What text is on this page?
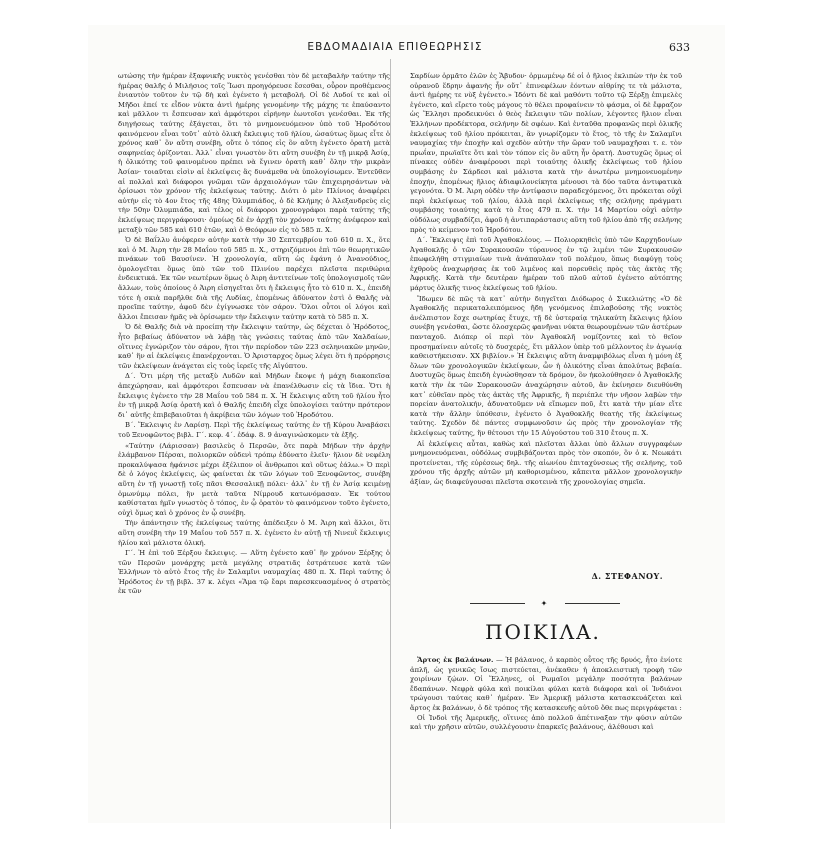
ΕΒΔΟΜΑΔΙΑΙΑ ΕΠΙΘΕΩΡΗΣΙΣ	633

ωτώσης τὴν ἡμέραν ἐξαφνικῆς νυκτὸς γενέσθαι τὸν δὲ μεταβαλὴν ταύτην τῆς ἡμέρας θαλῆς ὁ Μιλήσιος τοῖς Ἴωσι προηγόρευσε ἔσεσθαι, οὖρον προθέμενος ἐνιαυτὸν τοῦτον ἐν τῷ δὴ καὶ ἐγένετο ἡ μεταβολή. Οἱ δὲ Λυδοί τε καὶ οἱ Μῆδοι ἐπεί τε εἶδον νύκτα ἀντὶ ἡμέρης γενομένην τῆς μάχης τε ἐπαύσαντο καὶ μᾶλλον τι ἔσπευσαν καὶ ἀμφότεροι εἰρήνην ἑωυτοῖσι γενέσθαι. Ἐκ τῆς διηγήσεως ταύτης ἐξάγεται, ὅτι τὸ μνημονευόμενον ὑπὸ τοῦ Ἡροδότου φαινόμενον εἶναι τοῦτ᾿ αὐτὸ ὁλικὴ ἔκλειψις τοῦ ἡλίου, ὡσαύτως ὅμως εἶτε ὁ χρόνος καθ᾿ ὃν αὕτη συνέβη, οὔτε ὁ τόπος εἰς ὃν αὕτη ἐγένετο ὁρατὴ μετὰ σαφηνείας ὁρίζονται. Ἀλλ᾿ εἶναι γνωστὸν ὅτι αὕτη συνέβη ἐν τῇ μικρᾷ Ἀσίᾳ, ἡ ὁλικότης τοῦ φαινομένου πρέπει νὰ ἔγινεν ὁρατὴ καθ᾿ ὅλην τὴν μικρὰν Ἀσίαν· τοιαῦται εἰσὶν αἱ ἐκλείψεις ἂς δυνάμεθα νὰ ὑπολογίσωμεν. Ἐντεῦθεν αἱ πολλαὶ καὶ διάφοροι γνῶμαι τῶν ἀρχαιολόγων τῶν ἐπιχειρησάντων νὰ ὁρίσωσι τὸν χρόνον τῆς ἐκλείψεως ταύτης. Διότι ὁ μὲν Πλίνιος ἀναφέρει αὐτὴν εἰς τὸ 4ον ἔτος τῆς 48ης Ὀλυμπιάδος, ὁ δὲ Κλήμης ὁ Ἀλεξανδρεὺς εἰς τὴν 50ην Ὀλυμπιάδα, καὶ τέλος οἱ διάφοροι χρονογράφοι παρὰ ταύτης τῆς ἐκλείψεως περιγράφουσι· ὁμοίως δὲ ἐν ἀρχῇ τὸν χρόνον ταύτης ἀνέφερον καὶ μεταξὺ τῶν 585 καὶ 610 ἐτῶν, καὶ ὁ Θεόφρων εἰς τὸ 585 π. Χ.

Ὁ δὲ Βαΐλλυ ἀνέφερεν αὐτὴν κατὰ τὴν 30 Σεπτεμβρίου τοῦ 610 π. Χ., ὅτε καὶ ὁ Μ. Ἀιρη τὴν 28 Μαΐου τοῦ 585 π. Χ., στηριζόμενοι ἐπὶ τῶν θεωρητικῶν πινάκων τοῦ Βαυσίνεν. Ἡ χρονολογία, αὕτη ὡς ἐφάνη ὁ Ἀνανούδιος, ὁμολογεῖται ὅμως ὑπὸ τῶν τοῦ Πλινίου παρέχει πλεῖστα περιθώρια ἐνδεικτικά. Ἐκ τῶν νεωτέρων ὅμως ὁ Ἀιρη ἀντιτείνων τοῖς ὑπολογισμοῖς τῶν ἄλλων, τοὺς ὁποίους ὁ Ἀιρη εἰσηγεῖται ὅτι ἡ ἔκλειψις ἦτο τὸ 610 π. Χ., ἐπειδὴ τότε ἡ σκιὰ παρῆλθε διὰ τῆς Λυδίας, ἐπομένως ἀδύνατον ἐστὶ ὁ Θαλῆς νὰ προεῖπε ταύτην, ἀφοῦ δὲν ἐγίγνωσκε τὸν σάρον. Ὅλοι οὗτοι οἱ λόγοι καὶ ἄλλοι ἔπεισαν ἡμᾶς νὰ ὁρίσωμεν τὴν ἔκλειψιν ταύτην κατὰ τὸ 585 π. Χ.

Ὁ δὲ Θαλῆς διὰ νὰ προείπη τὴν ἔκλειψιν ταύτην, ὡς δέχεται ὁ Ἡρόδοτος, ἦτο βεβαίως ἀδύνατον νὰ λάβῃ τὰς γνώσεις ταύτας ἀπὸ τῶν Χαλδαίων, οἵτινες ἐγνώριζον τὸν σάρον, ἤτοι τὴν περίοδον τῶν 223 σεληνιακῶν μηνῶν, καθ᾿ ἣν αἱ ἐκλείψεις ἐπανέρχονται. Ὁ Ἀρισταρχος ὅμως λέγει ὅτι ἡ πρόρρησις τῶν ἐκλείψεων ἀνάγεται εἰς τοὺς ἱερεῖς τῆς Αἰγύπτου.

Δ´. Ὅτι μέρη τῆς μεταξὺ Λυδῶν καὶ Μήδων ἔκοψε ἡ μάχη διακοπεῖσα ἀπεχώρησαν, καὶ ἀμφότεροι ἔσπευσαν νὰ ἐπανέλθωσιν εἰς τὰ ἴδια. Ὅτι ἡ ἔκλειψις ἐγένετο τὴν 28 Μαΐου τοῦ 584 π. Χ. Ἡ ἔκλειψις αὕτη τοῦ ἡλίου ἦτο ἐν τῇ μικρᾷ Ἀσίᾳ ὁρατὴ καὶ ὁ Θαλῆς ἐπειδὴ εἶχε ὑπολογίσει ταύτην πρότερον δι᾿ αὐτῆς ἐπιβεβαιοῦται ἡ ἀκρίβεια τῶν λόγων τοῦ Ἡροδότου.

Β´. Ἔκλειψις ἐν Λαρίσῃ. Περὶ τῆς ἐκλείψεως ταύτης ἐν τῇ Κύρου Ἀναβάσει τοῦ Ξενοφῶντος βιβλ. Γ´. κεφ. 4´. ἐδάφ. 8. 9 ἀναγινώσκομεν τὰ ἑξῆς.

«Ταύτην (Λάρισσαν) βασιλεὺς ὁ Περσῶν, ὅτε παρὰ Μήδων τὴν ἀρχὴν ἐλάμβανον Πέρσαι, πολιορκῶν οὐδενὶ τρόπῳ ἐδύνατο ἑλεῖν· ἥλιον δὲ νεφέλη προκαλύψασα ἠφάνισε μέχρι ἐξέλιπον οἱ ἄνθρωποι καὶ οὕτως ἑάλω.» Ὁ περὶ δὲ ὁ λόγος ἐκλείψεις, ὡς φαίνεται ἐκ τῶν λόγων τοῦ Ξενοφῶντος, συνέβη αὕτη ἐν τῇ γνωστῇ τοῖς πᾶσι Θεσσαλικῇ πόλει· ἀλλ᾿ ἐν τῇ ἐν Ἀσίᾳ κειμένῃ ὁμωνύμῳ πόλει, ἣν μετὰ ταῦτα Νίμρουδ κατωνόμασαν. Ἐκ τούτου καθίσταται ἡμῖν γνωστὸς ὁ τόπος, ἐν ᾧ ὁρατὸν τὸ φαινόμενον τοῦτο ἐγένετο, οὐχὶ ὅμως καὶ ὁ χρόνος ἐν ᾧ συνέβη.

Τὴν ἀπάντησιν τῆς ἐκλείψεως ταύτης ἀπέδειξεν ὁ Μ. Ἀιρη καὶ ἄλλοι, ὅτι αὕτη συνέβη τὴν 19 Μαΐου τοῦ 557 π. Χ. ἐγένετο ἐν αὐτῇ τῇ Νινευῒ ἔκλειψις ἡλίου καὶ μάλιστα ὁλική.

Γ´. Ἡ ἐπὶ τοῦ Ξέρξου ἔκλειψις. — Αὕτη ἐγένετο καθ᾿ ἣν χρόνον Ξέρξης ὁ τῶν Περσῶν μονάρχης μετὰ μεγάλης στρατιᾶς ἐστράτευσε κατὰ τῶν Ἑλλήνων τὸ αὐτὸ ἔτος τῆς ἐν Σαλαμῖνι ναυμαχίας 480 π. Χ. Περὶ ταύτης ὁ Ἡρόδοτος ἐν τῇ βιβλ. 37 κ. λέγει «Ἅμα τῷ ἔαρι παρεσκευασμένος ὁ στρατὸς ἐκ τῶν

Σαρδίων ὁρμᾶτο ἐλῶν ἐς Ἄβυδον· ὁρμωμένῳ δέ οἱ ὁ ἥλιος ἐκλιπὼν τὴν ἐκ τοῦ οὐρανοῦ ἕδρην ἀφανὴς ἦν οὔτ᾿ ἐπινεφέλων ἐόντων αἰθρίης τε τὰ μάλιστα, ἀντὶ ἡμέρης τε νὺξ ἐγένετο.» Ἰδόντι δὲ καὶ μαθόντι τοῦτο τῷ Ξέρξῃ ἐπιμελὲς ἐγένετο, καὶ εἴρετο τοὺς μάγους τὸ θέλει προφαίνειν τὸ φάσμα, οἱ δὲ ἔφραζον ὡς Ἕλλησι προδεικνύει ὁ θεὸς ἔκλειψιν τῶν πολίων, λέγοντες ἥλιον εἶναι Ἑλλήνων προδέκτορα, σελήνην δὲ σφέων. Καὶ ἐνταῦθα προφανῶς περὶ ὁλικῆς ἐκλείψεως τοῦ ἡλίου πρόκειται, ἂν γνωρίζομεν τὸ ἔτος, τὸ τῆς ἐν Σαλαμῖνι ναυμαχίας τὴν ἐποχὴν καὶ σχεδὸν αὐτὴν τὴν ὥραν τοῦ ναυμαχῆσαι τ. ε. τὸν πρωΐαν, πρωϊαῖτε ὅτι καὶ τὸν τόπον εἰς ὃν αὕτη ἦν ὁρατή. Δυστυχῶς ὅμως οἱ πίνακες οὐδὲν ἀναφέρουσι περὶ τοιαύτης ὁλικῆς ἐκλείψεως τοῦ ἡλίου συμβάσης ἐν Σάρδεσι καὶ μάλιστα κατὰ τὴν ἀνωτέρω μνημονευομένην ἐποχήν, ἐπομένως ἥλιος ἀδιαφιλονείκητα μένουσι τὰ δύο ταῦτα ἀντιφατικὰ γεγονότα. Ὁ Μ. Ἀιρη οὐδὲν τὴν ἀντίφασιν παραδεχόμενος, ὅτι πρόκειται οὐχὶ περὶ ἐκλείψεως τοῦ ἡλίου, ἀλλὰ περὶ ἐκλείψεως τῆς σελήνης πράγματι συμβάσης τοιαύτης κατὰ τὸ ἔτος 479 π. Χ. τὴν 14 Μαρτίου οὐχὶ αὐτὴν οὐδόλως συμβαδίζει, ἀφοῦ ἡ ἀντιπαράστασις αὕτη τοῦ ἡλίου ἀπὸ τῆς σελήνης πρὸς τὸ κείμενον τοῦ Ἡροδότου.

Δ´. Ἔκλειψις ἐπὶ τοῦ Ἀγαθοκλέους. — Πολιορκηθεὶς ὑπὸ τῶν Καρχηδονίων Ἀγαθοκλῆς ὁ τῶν Συρακουσῶν τύραννος ἐν τῷ λιμένι τῶν Συρακουσῶν ἐπωφελήθη στιγμιαίων τινὰ ἀνάπαυλαν τοῦ πολέμου, ὅπως διαφύγῃ τοὺς ἐχθροὺς ἀναχωρήσας ἐκ τοῦ λιμένος καὶ πορευθεὶς πρὸς τὰς ἀκτὰς τῆς Ἀφρικῆς. Κατὰ τὴν δευτέραν ἡμέραν τοῦ πλοῦ αὐτοῦ ἐγένετο αὐτόπτης μάρτυς ὁλικῆς τινος ἐκλείψεως τοῦ ἡλίου.

Ἴδωμεν δὲ πῶς τὰ κατ᾿ αὐτὴν διηγεῖται Διόδωρος ὁ Σικελιώτης «Ὁ δὲ Ἀγαθοκλῆς περικαταλειπόμενος ἤδη γενόμενος ἐπιλαβούσης τῆς νυκτὸς ἀνέλπιστον ἔσχε σωτηρίας ἔτυχε, τῇ δὲ ὑστεραίᾳ τηλικαύτη ἔκλειψις ἡλίου συνέβη γενέσθαι, ὥστε ὁλοσχερῶς φανῆναι νύκτα θεωρουμένων τῶν ἀστέρων πανταχοῦ. Διόπερ οἱ περὶ τὸν Ἀγαθοκλῆ νομίζοντες καὶ τὸ θεῖον προσημαίνειν αὐτοῖς τὸ δυσχερές, ἔτι μᾶλλον ὑπὲρ τοῦ μέλλοντος ἐν ἀγωνίᾳ καθειστήκεισαν. XX βιβλίον.» Ἡ ἔκλειψις αὕτη ἀναμφιβόλως εἶναι ἡ μόνη ἐξ ὅλων τῶν χρονολογικῶν ἐκλείψεων, ὧν ἡ ὁλικότης εἶναι ἀπολύτως βεβαία. Δυστυχῶς ὅμως ἐπειδὴ ἐγνώσθησαν τὰ δρόμον, ὃν ἠκολούθησεν ὁ Ἀγαθοκλῆς κατὰ τὴν ἐκ τῶν Συρακουσῶν ἀναχώρησιν αὐτοῦ, ἂν ἐκίνησεν διευθύνθη κατ᾿ εὐθεῖαν πρὸς τὰς ἀκτὰς τῆς Ἀφρικῆς, ἢ περιέπλε τὴν νῆσον λαβὼν τὴν πορείαν ἀνατολικήν, ἀδυνατοῦμεν νὰ εἴπωμεν ποῦ, ἔτι κατὰ τὴν μίαν εἴτε κατὰ τὴν ἄλλην ὑπόθεσιν, ἐγένετο ὁ Ἀγαθοκλῆς θεατὴς τῆς ἐκλείψεως ταύτης. Σχεδὸν δὲ πάντες συμφωνοῦσιν ὡς πρὸς τὴν χρονολογίαν τῆς ἐκλείψεως ταύτης, ἣν θέτουσι τὴν 15 Αὐγούστου τοῦ 310 ἔτους π. Χ.

Αἱ ἐκλείψεις αὗται, καθὼς καὶ πλεῖσται ἄλλαι ὑπὸ ἄλλων συγγραφέων μνημονευόμεναι, οὐδόλως συμβιβάζονται πρὸς τὸν σκοπόν, ὃν ὁ κ. Νεωκάτι προτείνεται, τῆς εὑρέσεως δηλ. τῆς αἰωνίου ἐπιταχύνσεως τῆς σελήνης, τοῦ χρόνου τῆς ἀρχῆς αὐτῶν μὴ καθορισμένου, κἄπειτα μᾶλλον χρονολογικὴν ἀξίαν, ὡς διαφεύγουσαι πλεῖστα σκοτεινὰ τῆς χρονολογίας σημεῖα.

Δ. ΣΤΕΦΑΝΟΥ.
✦
ΠΟΙΚΙΛΑ.

Ἄρτος ἐκ βαλάνων. — Ἡ βάλανος, ὁ καρπὸς οὗτος τῆς δρυός, ἦτο ἐνίοτε ἁπλῆ, ὡς γενικῶς ἴσως πιστεύεται, ἀνέκαθεν ἡ ἀποκλειστικὴ τροφὴ τῶν χοιρίνων ζῴων. Οἱ Ἕλληνες, οἱ Ρωμαῖοι μεγάλην ποσότητα βαλάνων ἔδαπάνων. Νεφρὰ φύλα καὶ ποικίλαι φύλαι κατὰ διάφορα καὶ οἱ Ἰνδιάνοι τρώγουσι ταύτας καθ᾿ ἡμέραν. Ἐν Ἀμερικῇ μάλιστα κατασκευάζεται καὶ ἄρτος ἐκ βαλάνων, ὁ δὲ τρόπος τῆς κατασκευῆς αὐτοῦ ὅθε πως περιγράφεται :

Οἱ Ἰνδοὶ τῆς Ἀμερικῆς, οἵτινες ἀπὸ πολλοῦ ἀπέτιναξαν τὴν φύσιν αὐτῶν καὶ τὴν χρῆσιν αὐτῶν, συλλέγουσιν ἐπαρκεῖς βαλάνους, ἀλέθουσι καὶ
